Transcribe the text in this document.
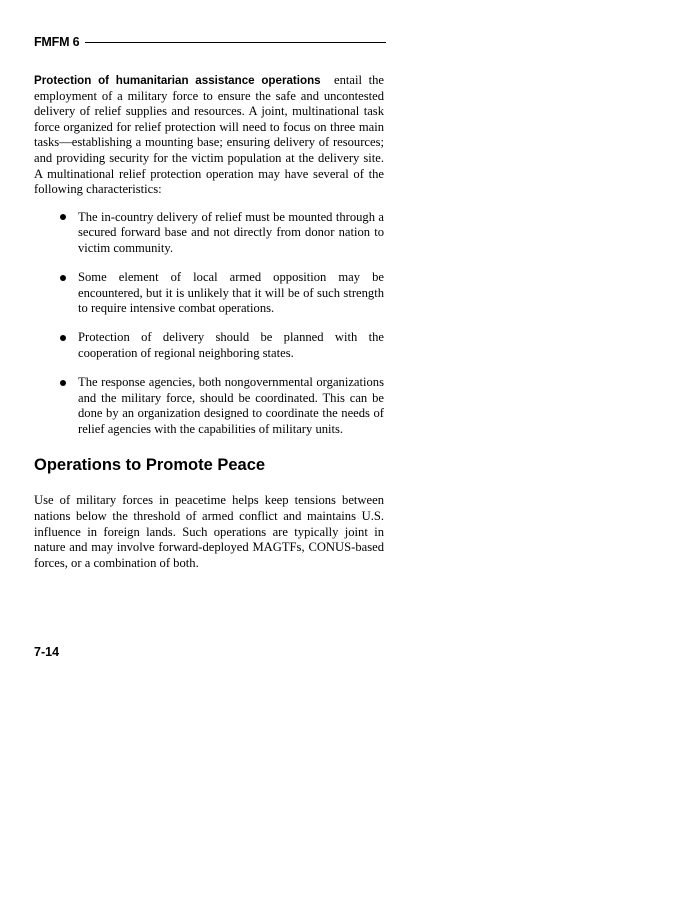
FMFM 6

Protection of humanitarian assistance operations entail the employment of a military force to ensure the safe and uncontested delivery of relief supplies and resources. A joint, multinational task force organized for relief protection will need to focus on three main tasks—establishing a mounting base; ensuring delivery of resources; and providing security for the victim population at the delivery site. A multinational relief protection operation may have several of the following characteristics:

The in-country delivery of relief must be mounted through a secured forward base and not directly from donor nation to victim community.
Some element of local armed opposition may be encountered, but it is unlikely that it will be of such strength to require intensive combat operations.
Protection of delivery should be planned with the cooperation of regional neighboring states.
The response agencies, both nongovernmental organizations and the military force, should be coordinated. This can be done by an organization designed to coordinate the needs of relief agencies with the capabilities of military units.
Operations to Promote Peace

Use of military forces in peacetime helps keep tensions between nations below the threshold of armed conflict and maintains U.S. influence in foreign lands. Such operations are typically joint in nature and may involve forward-deployed MAGTFs, CONUS-based forces, or a combination of both.

7-14
